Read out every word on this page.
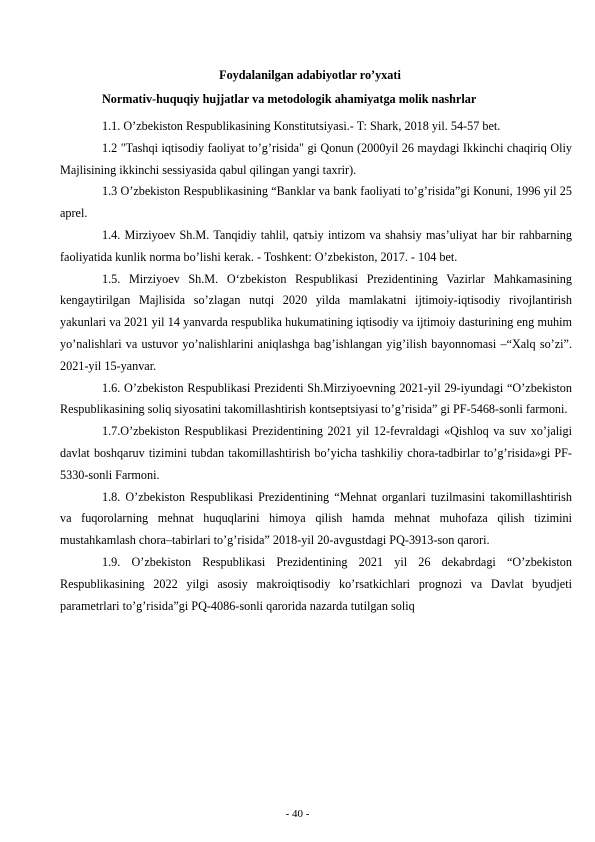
Foydalanilgan adabiyotlar ro’yxati
Normativ-huquqiy hujjatlar va metodologik ahamiyatga molik nashrlar

1.1. O’zbekiston Respublikasining Konstitutsiyasi.- T: Shark, 2018 yil. 54-57 bet.

1.2 "Tashqi iqtisodiy faoliyat to’g’risida" gi Qonun (2000yil 26 maydagi Ikkinchi chaqiriq Oliy Majlisining ikkinchi sessiyasida qabul qilingan yangi taxrir).

1.3 O’zbekiston Respublikasining “Banklar va bank faoliyati to’g’risida”gi Konuni, 1996 yil 25 aprel.

1.4. Mirziyoev Sh.M. Tanqidiy tahlil, qatъiy intizom va shahsiy mas’uliyat har bir rahbarning faoliyatida kunlik norma bo’lishi kerak. - Toshkent: O’zbekiston, 2017. - 104 bet.

1.5. Mirziyoev Sh.M. O‘zbekiston Respublikasi Prezidentining Vazirlar Mahkamasining kengaytirilgan Majlisida so’zlagan nutqi 2020 yilda mamlakatni ijtimoiy-iqtisodiy rivojlantirish yakunlari va 2021 yil 14 yanvarda respublika hukumatining iqtisodiy va ijtimoiy dasturining eng muhim yo’nalishlari va ustuvor yo’nalishlarini aniqlashga bag’ishlangan yig’ilish bayonnomasi –“Xalq so’zi”. 2021-yil 15-yanvar.

1.6. O’zbekiston Respublikasi Prezidenti Sh.Mirziyoevning 2021-yil 29-iyundagi “O’zbekiston Respublikasining soliq siyosatini takomillashtirish kontseptsiyasi to’g’risida” gi PF-5468-sonli farmoni.

1.7.O’zbekiston Respublikasi Prezidentining 2021 yil 12-fevraldagi «Qishloq va suv xo’jaligi davlat boshqaruv tizimini tubdan takomillashtirish bo’yicha tashkiliy chora-tadbirlar to’g’risida»gi PF-5330-sonli Farmoni.

1.8. O’zbekiston Respublikasi Prezidentining “Mehnat organlari tuzilmasini takomillashtirish va fuqorolarning mehnat huquqlarini himoya qilish hamda mehnat muhofaza qilish tizimini mustahkamlash chora–tabirlari to’g’risida” 2018-yil 20-avgustdagi PQ-3913-son qarori.

1.9. O’zbekiston Respublikasi Prezidentining 2021 yil 26 dekabrdagi “O’zbekiston Respublikasining 2022 yilgi asosiy makroiqtisodiy ko’rsatkichlari prognozi va Davlat byudjeti parametrlari to’g’risida”gi PQ-4086-sonli qarorida nazarda tutilgan soliq

- 40 -
